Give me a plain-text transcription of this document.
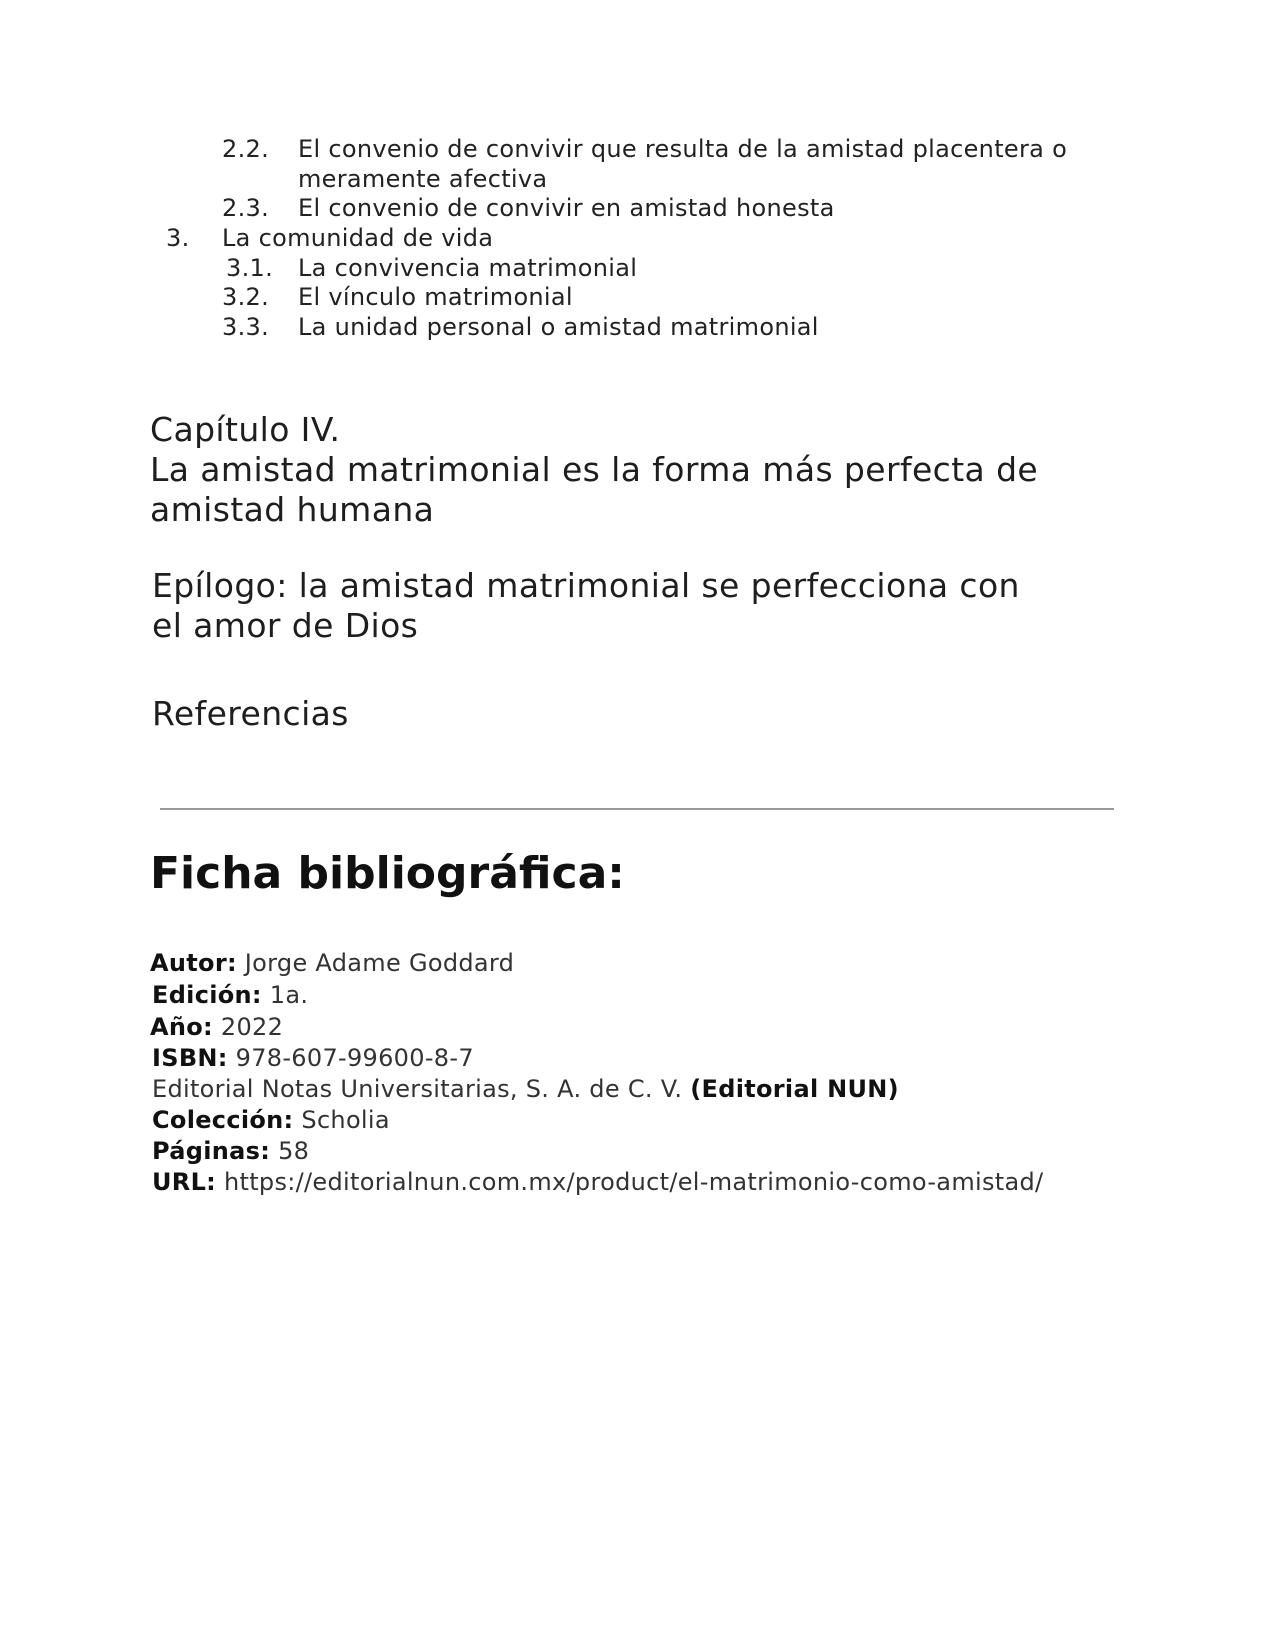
2.2. El convenio de convivir que resulta de la amistad placentera o meramente afectiva
2.3. El convenio de convivir en amistad honesta
3. La comunidad de vida
3.1. La convivencia matrimonial
3.2. El vínculo matrimonial
3.3. La unidad personal o amistad matrimonial
Capítulo IV.
La amistad matrimonial es la forma más perfecta de amistad humana
Epílogo: la amistad matrimonial se perfecciona con el amor de Dios
Referencias
Ficha bibliográfica:
Autor: Jorge Adame Goddard
Edición: 1a.
Año: 2022
ISBN: 978-607-99600-8-7
Editorial Notas Universitarias, S. A. de C. V. (Editorial NUN)
Colección: Scholia
Páginas: 58
URL: https://editorialnun.com.mx/product/el-matrimonio-como-amistad/
